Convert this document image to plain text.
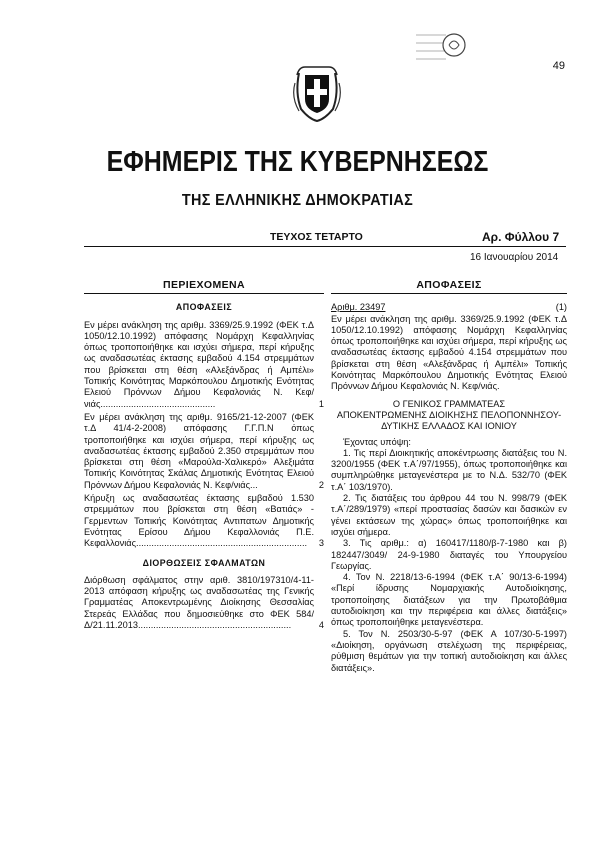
49
ΕΦΗΜΕΡΙΣ ΤΗΣ ΚΥΒΕΡΝΗΣΕΩΣ
ΤΗΣ ΕΛΛΗΝΙΚΗΣ ΔΗΜΟΚΡΑΤΙΑΣ
ΤΕΥΧΟΣ ΤΕΤΑΡΤΟ	Αρ. Φύλλου 7
16 Ιανουαρίου 2014
ΠΕΡΙΕΧΟΜΕΝΑ
ΑΠΟΦΑΣΕΙΣ
Εν μέρει ανάκληση της αριθμ. 3369/25.9.1992 (ΦΕΚ τ.Δ 1050/12.10.1992) απόφασης Νομάρχη Κεφαλληνίας όπως τροποποιήθηκε και ισχύει σήμερα, περί κήρυξης ως αναδασωτέας έκτασης εμβαδού 4.154 στρεμμάτων που βρίσκεται στη θέση «Αλεξάνδρας ή Αμπέλι» Τοπικής Κοινότητας Μαρκόπουλου Δημοτικής Ενότητας Ελειού Πρόννων Δήμου Κεφαλονιάς Ν. Κεφ/νιάς.............................................	1
Εν μέρει ανάκληση της αριθμ. 9165/21-12-2007 (ΦΕΚ τ.Δ 41/4-2-2008) απόφασης Γ.Γ.Π.Ν όπως τροποποιήθηκε και ισχύει σήμερα, περί κήρυξης ως αναδασωτέας έκτασης εμβαδού 2.350 στρεμμάτων που βρίσκεται στη θέση «Μαρούλα-Χαλικερό» Αλεξιμάτα Τοπικής Κοινότητας Σκάλας Δημοτικής Ενότητας Ελειού Πρόννων Δήμου Κεφαλονιάς Ν. Κεφ/νιάς...	2
Κήρυξη ως αναδασωτέας έκτασης εμβαδού 1.530 στρεμμάτων που βρίσκεται στη θέση «Βατιάς» - Γερμεντων Τοπικής Κοινότητας Αντιπατων Δημοτικής Ενότητας Ερίσου Δήμου Κεφαλλονιάς Π.Ε. Κεφαλλονιάς...................................................................	3
ΔΙΟΡΘΩΣΕΙΣ ΣΦΑΛΜΑΤΩΝ
Διόρθωση σφάλματος στην αριθ. 3810/197310/4-11-2013 απόφαση κήρυξης ως αναδασωτέας της Γενικής Γραμματέας Αποκεντρωμένης Διοίκησης Θεσσαλίας Στερεάς Ελλάδας που δημοσιεύθηκε στο ΦΕΚ 584/Δ/21.11.2013............................................................	4
ΑΠΟΦΑΣΕΙΣ
Αριθμ. 23497	(1)

Εν μέρει ανάκληση της αριθμ. 3369/25.9.1992 (ΦΕΚ τ.Δ 1050/12.10.1992) απόφασης Νομάρχη Κεφαλληνίας όπως τροποποιήθηκε και ισχύει σήμερα, περί κήρυξης ως αναδασωτέας έκτασης εμβαδού 4.154 στρεμμάτων που βρίσκεται στη θέση «Αλεξάνδρας ή Αμπέλι» Τοπικής Κοινότητας Μαρκόπουλου Δημοτικής Ενότητας Ελειού Πρόννων Δήμου Κεφαλονιάς Ν. Κεφ/νιάς.

Ο ΓΕΝΙΚΟΣ ΓΡΑΜΜΑΤΕΑΣ
ΑΠΟΚΕΝΤΡΩΜΕΝΗΣ ΔΙΟΙΚΗΣΗΣ ΠΕΛΟΠΟΝΝΗΣΟΥ-
ΔΥΤΙΚΗΣ ΕΛΛΑΔΟΣ ΚΑΙ ΙΟΝΙΟΥ

Έχοντας υπόψη:

1. Τις περί Διοικητικής αποκέντρωσης διατάξεις του Ν. 3200/1955 (ΦΕΚ τ.Α΄/97/1955), όπως τροποποιήθηκε και συμπληρώθηκε μεταγενέστερα με το Ν.Δ. 532/70 (ΦΕΚ τ.Α΄ 103/1970).

2. Τις διατάξεις του άρθρου 44 του Ν. 998/79 (ΦΕΚ τ.Α΄/289/1979) «περί προστασίας δασών και δασικών εν γένει εκτάσεων της χώρας» όπως τροποποιήθηκε και ισχύει σήμερα.

3. Τις αριθμ.: α) 160417/1180/β-7-1980 και β) 182447/3049/ 24-9-1980 διαταγές του Υπουργείου Γεωργίας.

4. Τον Ν. 2218/13-6-1994 (ΦΕΚ τ.Α΄ 90/13-6-1994) «Περί ίδρυσης Νομαρχιακής Αυτοδιοίκησης, τροποποίησης διατάξεων για την Πρωτοβάθμια αυτοδιοίκηση και την περιφέρεια και άλλες διατάξεις» όπως τροποποιήθηκε μεταγενέστερα.

5. Τον Ν. 2503/30-5-97 (ΦΕΚ Α 107/30-5-1997) «Διοίκηση, οργάνωση στελέχωση της περιφέρειας, ρύθμιση θεμάτων για την τοπική αυτοδιοίκηση και άλλες διατάξεις».
